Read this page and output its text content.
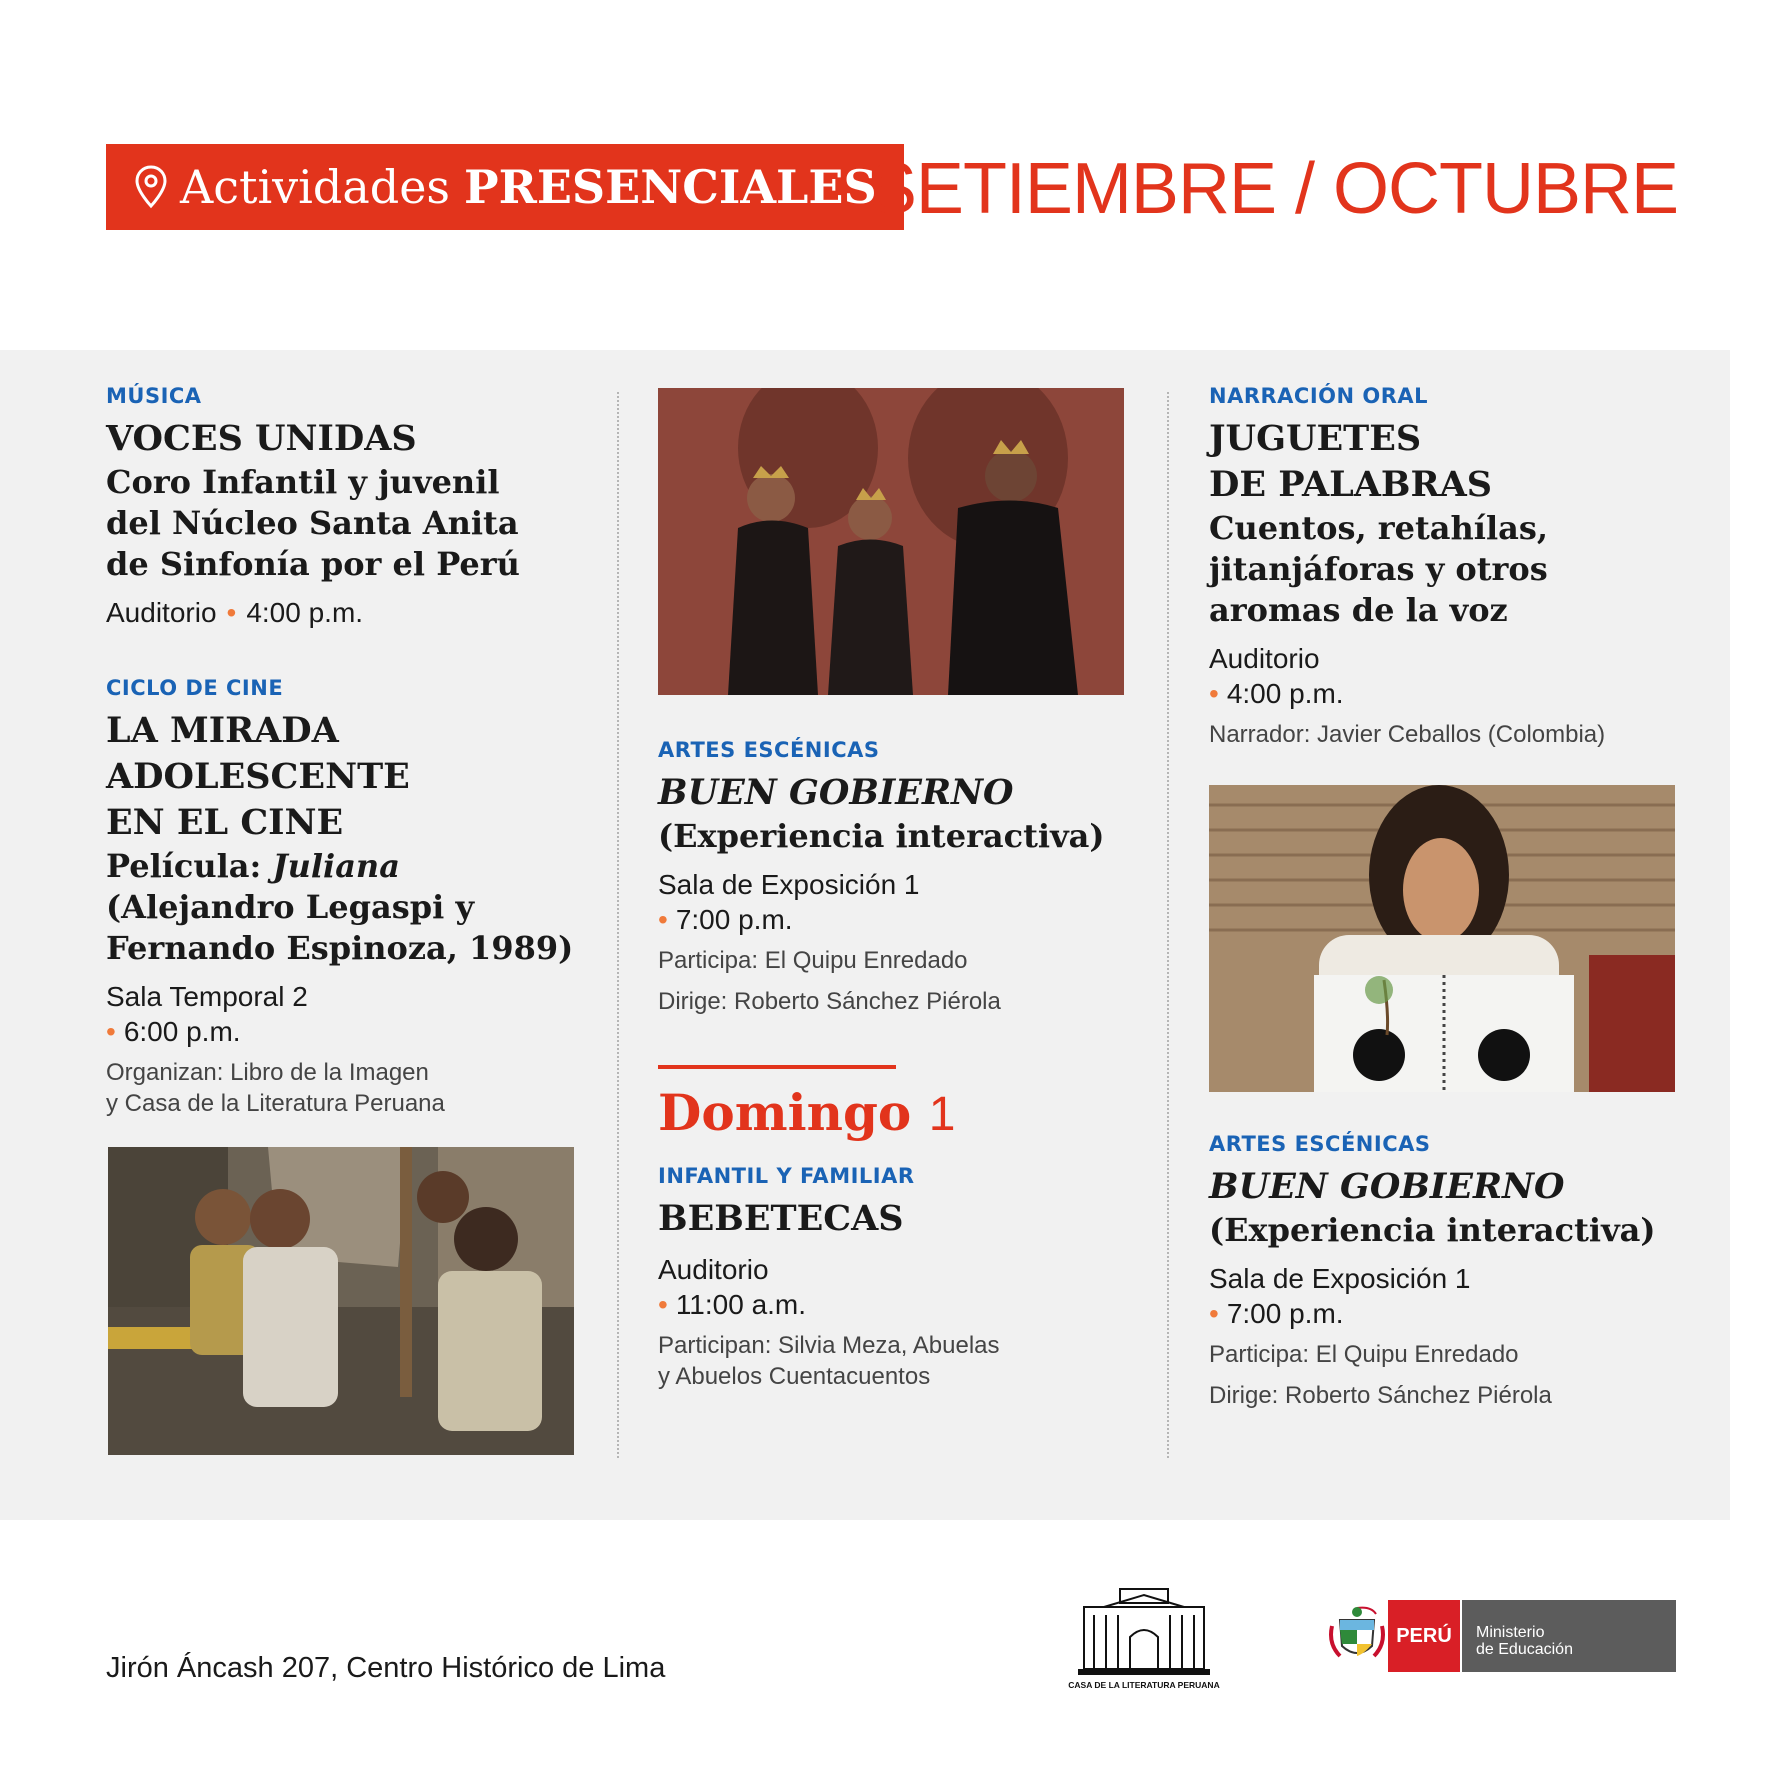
Actividades PRESENCIALES
SETIEMBRE / OCTUBRE

MÚSICA

VOCES UNIDAS

Coro Infantil y juvenil

del Núcleo Santa Anita

de Sinfonía por el Perú

Auditorio • 4:00 p.m.

CICLO DE CINE

LA MIRADA

ADOLESCENTE

EN EL CINE

Película: Juliana

(Alejandro Legaspi y

Fernando Espinoza, 1989)

Sala Temporal 2

• 6:00 p.m.

Organizan: Libro de la Imagen

y Casa de la Literatura Peruana

ARTES ESCÉNICAS

BUEN GOBIERNO

(Experiencia interactiva)

Sala de Exposición 1

• 7:00 p.m.

Participa: El Quipu Enredado

Dirige: Roberto Sánchez Piérola

Domingo 1

INFANTIL Y FAMILIAR

BEBETECAS

Auditorio

• 11:00 a.m.

Participan: Silvia Meza, Abuelas

y Abuelos Cuentacuentos

NARRACIÓN ORAL

JUGUETES

DE PALABRAS

Cuentos, retahílas,

jitanjáforas y otros

aromas de la voz

Auditorio

• 4:00 p.m.

Narrador: Javier Ceballos (Colombia)

ARTES ESCÉNICAS

BUEN GOBIERNO

(Experiencia interactiva)

Sala de Exposición 1

• 7:00 p.m.

Participa: El Quipu Enredado

Dirige: Roberto Sánchez Piérola

Jirón Áncash 207, Centro Histórico de Lima
CASA DE LA LITERATURA PERUANA
PERÚ	Ministerio
de Educación
